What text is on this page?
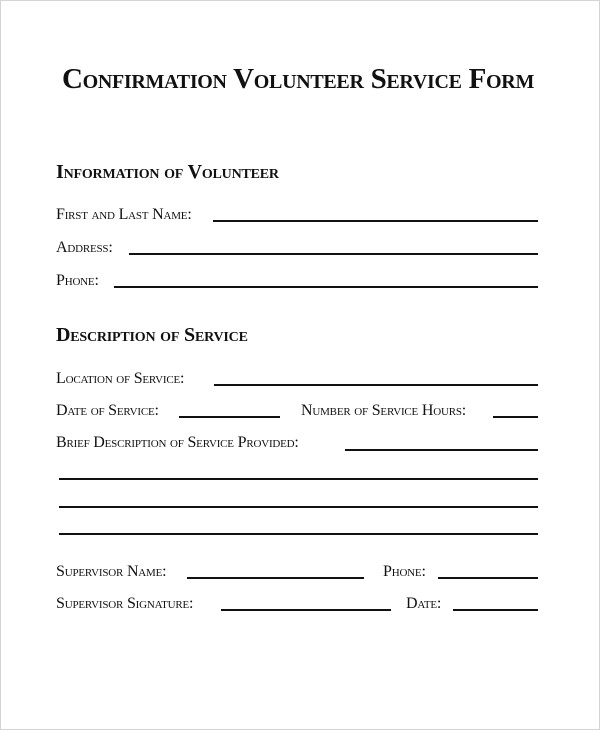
Confirmation Volunteer Service Form
Information of Volunteer
First and Last Name:
Address:
Phone:
Description of Service
Location of Service:
Date of Service:	Number of Service Hours:
Brief Description of Service Provided:
Supervisor Name:	Phone:
Supervisor Signature:	Date:
